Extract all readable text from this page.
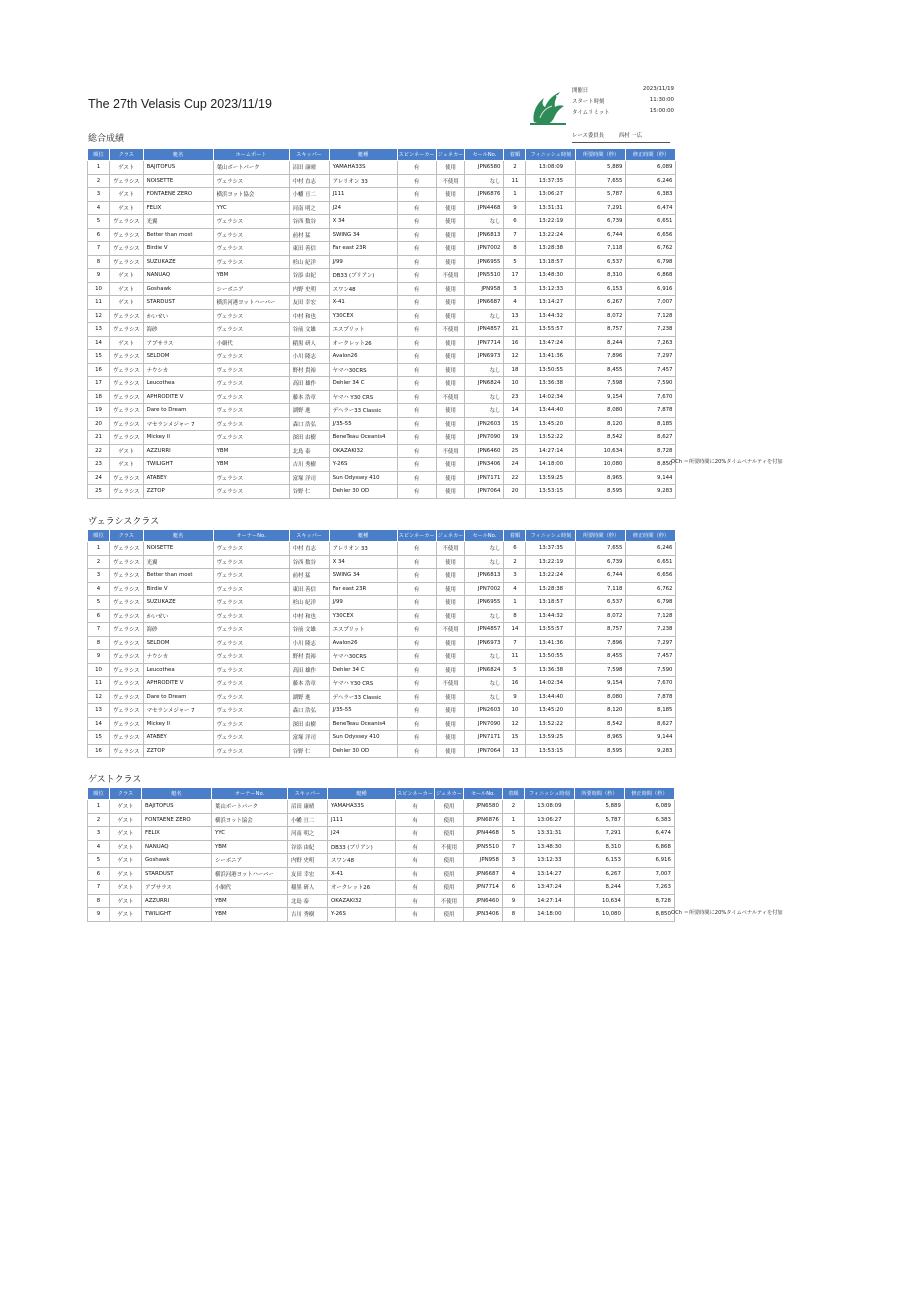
The 27th Velasis Cup 2023/11/19
開催日	2023/11/19
スタート時刻	11:30:00
タイムリミット	15:00:00
レース委員長	西村 一広
総合成績
順位	クラス	艇名	ホームポート	スキッパー	艇種	スピンネーカー	ジェネカー	セールNo.	着順	フィニッシュ時刻	所要時間（秒）	修正時間（秒）
1	ゲスト	BAJITOFUS	葉山ボートパーク	沼田 康晴	YAMAHA33S	有	使用	JPN6580	2	13:08:09	5,889	6,089
2	ヴェラシス	NOISETTE	ヴェラシス	中村 直志	アレリオン 33	有	不使用	なし	11	13:37:35	7,655	6,246
3	ゲスト	FONTAENE ZERO	横浜ヨット協会	小幡 亘二	J111	有	使用	JPN6876	1	13:06:27	5,787	6,383
4	ゲスト	FELIX	YYC	河南 明之	J24	有	使用	JPN4468	9	13:31:31	7,291	6,474
5	ヴェラシス	光翼	ヴェラシス	谷西 数谷	X 34	有	使用	なし	6	13:22:19	6,739	6,651
6	ヴェラシス	Better than most	ヴェラシス	前村 猛	SWING 34	有	使用	JPN6813	7	13:22:24	6,744	6,656
7	ヴェラシス	Birdie V	ヴェラシス	東田 善信	Far east 23R	有	使用	JPN7002	8	13:28:38	7,118	6,762
8	ヴェラシス	SUZUKAZE	ヴェラシス	杉山 紀洋	J/99	有	使用	JPN6955	5	13:18:57	6,537	6,798
9	ゲスト	NANUAQ	YBM	谷添 由紀	DB33 (ブリアン)	有	不使用	JPN5510	17	13:48:30	8,310	6,868
10	ゲスト	Goshawk	シーボニア	内野 史明	スワン48	有	使用	JPN958	3	13:12:33	6,153	6,916
11	ゲスト	STARDUST	横浜河港ヨットハーバー	友田 幸宏	X-41	有	使用	JPN6687	4	13:14:27	6,267	7,007
12	ヴェラシス	かいせい	ヴェラシス	中村 和也	Y30CEX	有	使用	なし	13	13:44:32	8,072	7,128
13	ヴェラシス	海砂	ヴェラシス	谷前 文雄	エスプリット	有	不使用	JPN4857	21	13:55:57	8,757	7,238
14	ゲスト	アプサラス	小網代	稲黒 研人	オークレット26	有	使用	JPN7714	16	13:47:24	8,244	7,263
15	ヴェラシス	SELDOM	ヴェラシス	小川 隆志	Avalon26	有	使用	JPN6973	12	13:41:36	7,896	7,297
16	ヴェラシス	ナウシカ	ヴェラシス	野村 貴裕	ヤマハ30CRS	有	使用	なし	18	13:50:55	8,455	7,457
17	ヴェラシス	Leucothea	ヴェラシス	高田 雄作	Dehler 34 C	有	使用	JPN6824	10	13:36:38	7,598	7,590
18	ヴェラシス	APHRODITE V	ヴェラシス	藤本 浩章	ヤマハ Y30 CRS	有	不使用	なし	23	14:02:34	9,154	7,670
19	ヴェラシス	Dare to Dream	ヴェラシス	湖野 進	デヘラー33 Classic	有	使用	なし	14	13:44:40	8,080	7,878
20	ヴェラシス	マセランメジャー 7	ヴェラシス	森口 浩弘	J/35-55	有	使用	JPN2603	15	13:45:20	8,120	8,185
21	ヴェラシス	Mickey II	ヴェラシス	深田 由樹	BeneTeau Oceanis4	有	使用	JPN7090	19	13:52:22	8,542	8,627
22	ゲスト	AZZURRI	YBM	北島 泰	OKAZAKI32	有	不使用	JPN6460	25	14:27:14	10,634	8,728
23	ゲスト	TWILIGHT	YBM	吉川 秀樹	Y-26S	有	使用	JPN3406	24	14:18:00	10,080	8,850
24	ヴェラシス	ATABEY	ヴェラシス	富塚 洋司	Sun Odyssey 410	有	使用	JPN7171	22	13:59:25	8,965	9,144
25	ヴェラシス	ZZTOP	ヴェラシス	谷野 仁	Dehler 30 OD	有	使用	JPN7064	20	13:53:15	8,595	9,283
OCh ＝所要時間に20%タイムペナルティを付加
ヴェラシスクラス
順位	クラス	艇名	オーナーNo.	スキッパー	艇種	スピンネーカー	ジェネカー	セールNo.	着順	フィニッシュ時刻	所要時間（秒）	修正時間（秒）
1	ヴェラシス	NOISETTE	ヴェラシス	中村 直志	アレリオン 33	有	不使用	なし	6	13:37:35	7,655	6,246
2	ヴェラシス	光翼	ヴェラシス	谷西 数谷	X 34	有	使用	なし	2	13:22:19	6,739	6,651
3	ヴェラシス	Better than most	ヴェラシス	前村 猛	SWING 34	有	使用	JPN6813	3	13:22:24	6,744	6,656
4	ヴェラシス	Birdie V	ヴェラシス	東田 善信	Far east 23R	有	使用	JPN7002	4	13:28:38	7,118	6,762
5	ヴェラシス	SUZUKAZE	ヴェラシス	杉山 紀洋	J/99	有	使用	JPN6955	1	13:18:57	6,537	6,798
6	ヴェラシス	かいせい	ヴェラシス	中村 和也	Y30CEX	有	使用	なし	8	13:44:32	8,072	7,128
7	ヴェラシス	海砂	ヴェラシス	谷前 文雄	エスプリット	有	不使用	JPN4857	14	13:55:57	8,757	7,238
8	ヴェラシス	SELDOM	ヴェラシス	小川 隆志	Avalon26	有	使用	JPN6973	7	13:41:36	7,896	7,297
9	ヴェラシス	ナウシカ	ヴェラシス	野村 貴裕	ヤマハ30CRS	有	使用	なし	11	13:50:55	8,455	7,457
10	ヴェラシス	Leucothea	ヴェラシス	高田 雄作	Dehler 34 C	有	使用	JPN6824	5	13:36:38	7,598	7,590
11	ヴェラシス	APHRODITE V	ヴェラシス	藤本 浩章	ヤマハ Y30 CRS	有	不使用	なし	16	14:02:34	9,154	7,670
12	ヴェラシス	Dare to Dream	ヴェラシス	湖野 進	デヘラー33 Classic	有	使用	なし	9	13:44:40	8,080	7,878
13	ヴェラシス	マセランメジャー 7	ヴェラシス	森口 浩弘	J/35-55	有	使用	JPN2603	10	13:45:20	8,120	8,185
14	ヴェラシス	Mickey II	ヴェラシス	深田 由樹	BeneTeau Oceanis4	有	使用	JPN7090	12	13:52:22	8,542	8,627
15	ヴェラシス	ATABEY	ヴェラシス	富塚 洋司	Sun Odyssey 410	有	使用	JPN7171	15	13:59:25	8,965	9,144
16	ヴェラシス	ZZTOP	ヴェラシス	谷野 仁	Dehler 30 OD	有	使用	JPN7064	13	13:53:15	8,595	9,283
ゲストクラス
順位	クラス	艇名	オーナーNo.	スキッパー	艇種	スピンネーカー	ジェネカー	セールNo.	着順	フィニッシュ時刻	所要時間（秒）	修正時間（秒）
1	ゲスト	BAJITOFUS	葉山ボートパーク	沼田 康晴	YAMAHA33S	有	使用	JPN6580	2	13:08:09	5,889	6,089
2	ゲスト	FONTAENE ZERO	横浜ヨット協会	小幡 亘二	J111	有	使用	JPN6876	1	13:06:27	5,787	6,383
3	ゲスト	FELIX	YYC	河南 明之	J24	有	使用	JPN4468	5	13:31:31	7,291	6,474
4	ゲスト	NANUAQ	YBM	谷添 由紀	DB33 (ブリアン)	有	不使用	JPN5510	7	13:48:30	8,310	6,868
5	ゲスト	Goshawk	シーボニア	内野 史明	スワン48	有	使用	JPN958	3	13:12:33	6,153	6,916
6	ゲスト	STARDUST	横浜河港ヨットハーバー	友田 幸宏	X-41	有	使用	JPN6687	4	13:14:27	6,267	7,007
7	ゲスト	アプサラス	小網代	稲黒 研人	オークレット26	有	使用	JPN7714	6	13:47:24	8,244	7,263
8	ゲスト	AZZURRI	YBM	北島 泰	OKAZAKI32	有	不使用	JPN6460	9	14:27:14	10,634	8,728
9	ゲスト	TWILIGHT	YBM	吉川 秀樹	Y-26S	有	使用	JPN3406	8	14:18:00	10,080	8,850 OCh ＝所要時間に20%タイムペナルティを付加
